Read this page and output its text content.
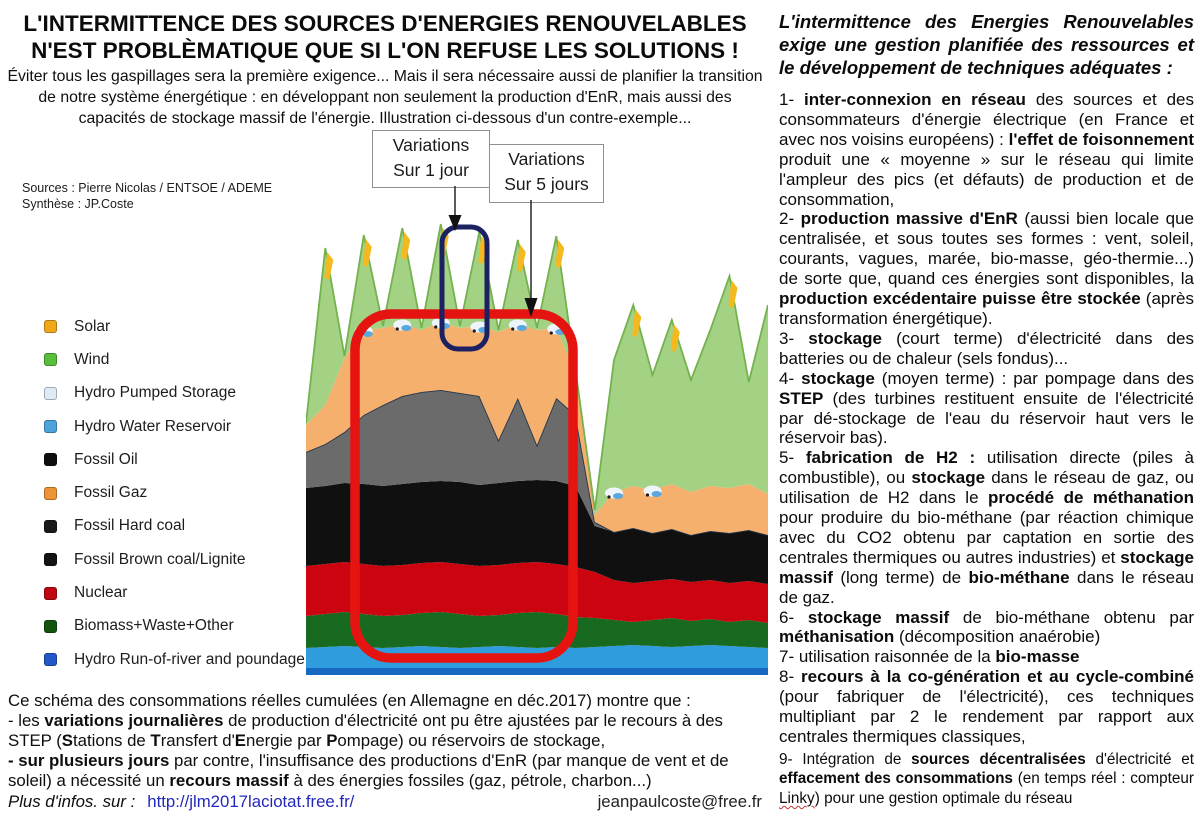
L'INTERMITTENCE DES SOURCES D'ENERGIES RENOUVELABLES
N'EST PROBLÈMATIQUE QUE SI L'ON REFUSE LES SOLUTIONS !
Éviter tous les gaspillages sera la première exigence... Mais il sera nécessaire aussi de planifier la transition de notre système énergétique : en développant non seulement la production d'EnR, mais aussi des capacités de stockage massif de l'énergie. Illustration ci-dessous d'un contre-exemple...
Sources : Pierre Nicolas / ENTSOE / ADEME
Synthèse : JP.Coste
Variations
Sur 1 jour
Variations
Sur 5 jours
Solar
Wind
Hydro Pumped Storage
Hydro Water Reservoir
Fossil Oil
Fossil Gaz
Fossil Hard coal
Fossil Brown coal/Lignite
Nuclear
Biomass+Waste+Other
Hydro Run-of-river and poundage
Ce schéma des consommations réelles cumulées (en Allemagne en déc.2017) montre que :
- les variations journalières de production d'électricité ont pu être ajustées par le recours à des STEP (Stations de Transfert d'Energie par Pompage) ou réservoirs de stockage,
- sur plusieurs jours par contre, l'insuffisance des productions d'EnR (par manque de vent et de soleil) a nécessité un recours massif à des énergies fossiles (gaz, pétrole, charbon...)
Plus d'infos. sur : http://jlm2017laciotat.free.fr/	jeanpaulcoste@free.fr
L'intermittence des Energies Renouvelables exige une gestion planifiée des ressources et le développement de techniques adéquates :
1- inter-connexion en réseau des sources et des consommateurs d'énergie électrique (en France et avec nos voisins européens) : l'effet de foisonnement produit une « moyenne » sur le réseau qui limite l'ampleur des pics (et défauts) de production et de consommation,
2- production massive d'EnR (aussi bien locale que centralisée, et sous toutes ses formes : vent, soleil, courants, vagues, marée, bio-masse, géo-thermie...) de sorte que, quand ces énergies sont disponibles, la production excédentaire puisse être stockée (après transformation énergétique).
3- stockage (court terme) d'électricité dans des batteries ou de chaleur (sels fondus)...
4- stockage (moyen terme) : par pompage dans des STEP (des turbines restituent ensuite de l'électricité par dé-stockage de l'eau du réservoir haut vers le réservoir bas).
5- fabrication de H2 : utilisation directe (piles à combustible), ou stockage dans le réseau de gaz, ou utilisation de H2 dans le procédé de méthanation pour produire du bio-méthane (par réaction chimique avec du CO2 obtenu par captation en sortie des centrales thermiques ou autres industries) et stockage massif (long terme) de bio-méthane dans le réseau de gaz.
6- stockage massif de bio-méthane obtenu par méthanisation (décomposition anaérobie)
7- utilisation raisonnée de la bio-masse
8- recours à la co-génération et au cycle-combiné (pour fabriquer de l'électricité), ces techniques multipliant par 2 le rendement par rapport aux centrales thermiques classiques,
9- Intégration de sources décentralisées d'électricité et effacement des consommations (en temps réel : compteur Linky) pour une gestion optimale du réseau
